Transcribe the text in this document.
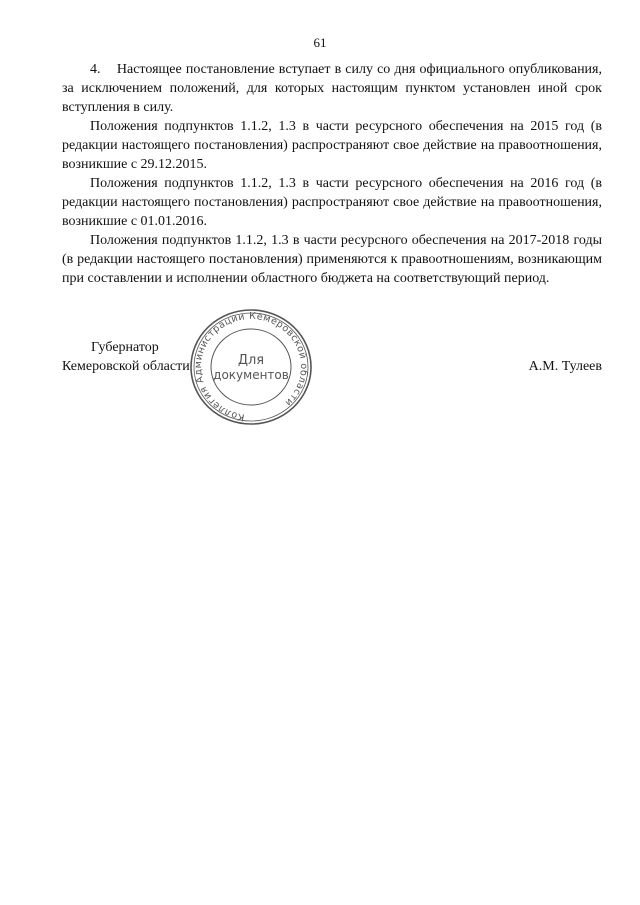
61

4. Настоящее постановление вступает в силу со дня официального опубликования, за исключением положений, для которых настоящим пунктом установлен иной срок вступления в силу.

Положения подпунктов 1.1.2, 1.3 в части ресурсного обеспечения на 2015 год (в редакции настоящего постановления) распространяют свое действие на правоотношения, возникшие с 29.12.2015.

Положения подпунктов 1.1.2, 1.3 в части ресурсного обеспечения на 2016 год (в редакции настоящего постановления) распространяют свое действие на правоотношения, возникшие с 01.01.2016.

Положения подпунктов 1.1.2, 1.3 в части ресурсного обеспечения на 2017-2018 годы (в редакции настоящего постановления) применяются к правоотношениям, возникающим при составлении и исполнении областного бюджета на соответствующий период.

Губернатор
Кемеровской области	А.М. Тулеев
Коллегия Администрации Кемеровской области
Для
документов
